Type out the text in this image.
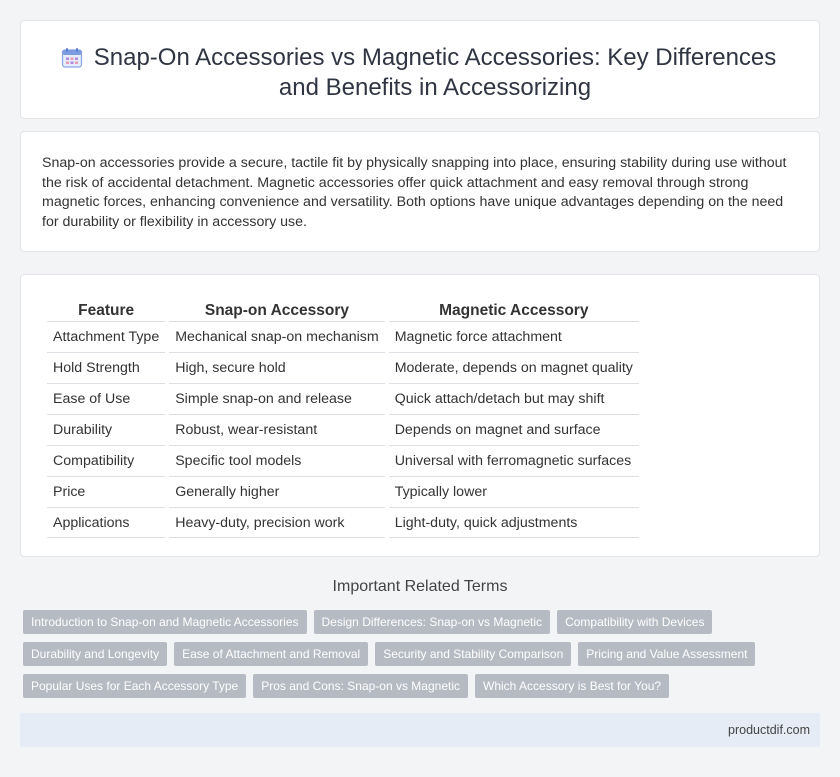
Snap-On Accessories vs Magnetic Accessories: Key Differences and Benefits in Accessorizing

Snap-on accessories provide a secure, tactile fit by physically snapping into place, ensuring stability during use without the risk of accidental detachment. Magnetic accessories offer quick attachment and easy removal through strong magnetic forces, enhancing convenience and versatility. Both options have unique advantages depending on the need for durability or flexibility in accessory use.

Feature	Snap-on Accessory	Magnetic Accessory
Attachment Type	Mechanical snap-on mechanism	Magnetic force attachment
Hold Strength	High, secure hold	Moderate, depends on magnet quality
Ease of Use	Simple snap-on and release	Quick attach/detach but may shift
Durability	Robust, wear-resistant	Depends on magnet and surface
Compatibility	Specific tool models	Universal with ferromagnetic surfaces
Price	Generally higher	Typically lower
Applications	Heavy-duty, precision work	Light-duty, quick adjustments
Important Related Terms
Introduction to Snap-on and Magnetic Accessories	Design Differences: Snap-on vs Magnetic	Compatibility with Devices
Durability and Longevity	Ease of Attachment and Removal	Security and Stability Comparison	Pricing and Value Assessment
Popular Uses for Each Accessory Type	Pros and Cons: Snap-on vs Magnetic	Which Accessory is Best for You?
productdif.com
